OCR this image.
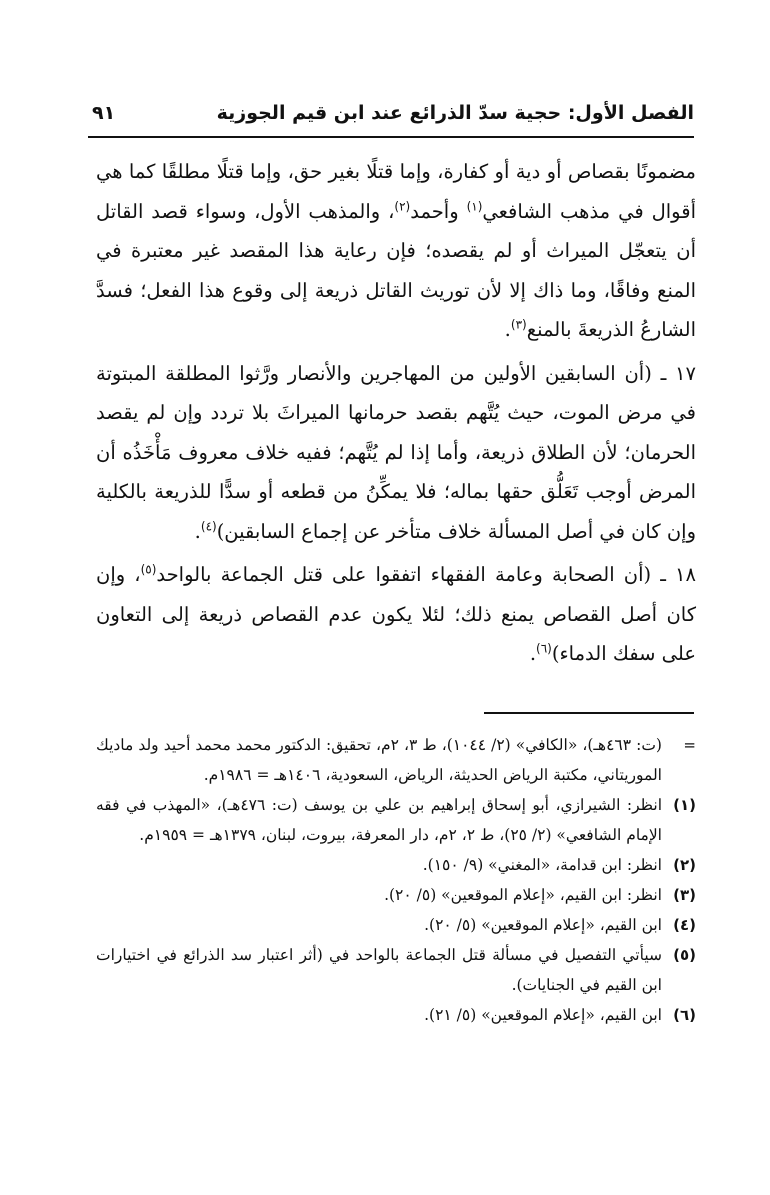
الفصل الأول: حجية سدّ الذرائع عند ابن قيم الجوزية
٩١

مضمونًا بقصاص أو دية أو كفارة، وإما قتلًا بغير حق، وإما قتلًا مطلقًا كما هي أقوال في مذهب الشافعي$^{(١)}$ وأحمد$^{(٢)}$، والمذهب الأول، وسواء قصد القاتل أن يتعجّل الميراث أو لم يقصده؛ فإن رعاية هذا المقصد غير معتبرة في المنع وفاقًا، وما ذاك إلا لأن توريث القاتل ذريعة إلى وقوع هذا الفعل؛ فسدَّ الشارعُ الذريعةَ بالمنع$^{(٣)}$.

١٧ ـ (أن السابقين الأولين من المهاجرين والأنصار ورَّثوا المطلقة المبتوتة في مرض الموت، حيث يُتَّهم بقصد حرمانها الميراثَ بلا تردد وإن لم يقصد الحرمان؛ لأن الطلاق ذريعة، وأما إذا لم يُتَّهم؛ ففيه خلاف معروف مَأْخَذُه أن المرض أوجب تَعَلُّق حقها بماله؛ فلا يمكِّنُ من قطعه أو سدًّا للذريعة بالكلية وإن كان في أصل المسألة خلاف متأخر عن إجماع السابقين)$^{(٤)}$.

١٨ ـ (أن الصحابة وعامة الفقهاء اتفقوا على قتل الجماعة بالواحد$^{(٥)}$، وإن كان أصل القصاص يمنع ذلك؛ لئلا يكون عدم القصاص ذريعة إلى التعاون على سفك الدماء)$^{(٦)}$.

=
(ت: ٤٦٣هـ)، «الكافي» (٢/ ١٠٤٤)، ط ٣، ٢م، تحقيق: الدكتور محمد محمد أحيد ولد ماديك الموريتاني، مكتبة الرياض الحديثة، الرياض، السعودية، ١٤٠٦هـ = ١٩٨٦م.

(١)
انظر: الشيرازي، أبو إسحاق إبراهيم بن علي بن يوسف (ت: ٤٧٦هـ)، «المهذب في فقه الإمام الشافعي» (٢/ ٢٥)، ط ٢، ٢م، دار المعرفة، بيروت، لبنان، ١٣٧٩هـ = ١٩٥٩م.

(٢)
انظر: ابن قدامة، «المغني» (٩/ ١٥٠).

(٣)
انظر: ابن القيم، «إعلام الموقعين» (٥/ ٢٠).

(٤)
ابن القيم، «إعلام الموقعين» (٥/ ٢٠).

(٥)
سيأتي التفصيل في مسألة قتل الجماعة بالواحد في (أثر اعتبار سد الذرائع في اختيارات ابن القيم في الجنايات).

(٦)
ابن القيم، «إعلام الموقعين» (٥/ ٢١).
